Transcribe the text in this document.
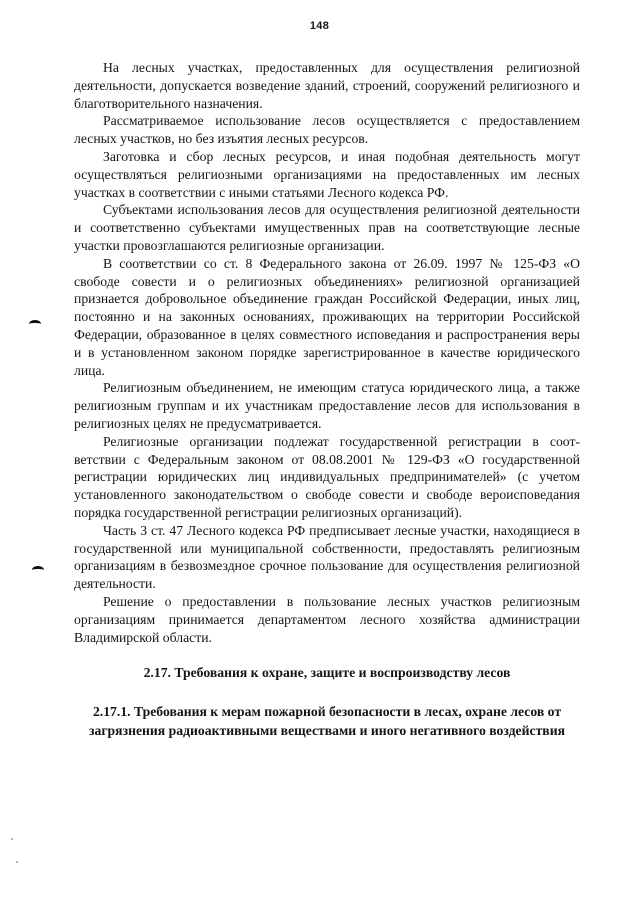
148

На лесных участках, предоставленных для осуществления религиозной деятельности, допускается возведение зданий, строений, сооружений религиозного и благотворительного назначения.

Рассматриваемое использование лесов осуществляется с предоставлением лесных участков, но без изъятия лесных ресурсов.

Заготовка и сбор лесных ресурсов, и иная подобная деятельность могут осуществляться религиозными организациями на предоставленных им лесных участках в соответствии с иными статьями Лесного кодекса РФ.

Субъектами использования лесов для осуществления религиозной деятельности и соответственно субъектами имущественных прав на соответствующие лесные участки провозглашаются религиозные организации.

В соответствии со ст. 8 Федерального закона от 26.09. 1997 № 125-ФЗ «О свободе совести и о религиозных объединениях» религиозной организацией признается добровольное объединение граждан Российской Федерации, иных лиц, постоянно и на законных основаниях, проживающих на территории Российской Федерации, образованное в целях совместного исповедания и распространения веры и в установленном законом порядке зарегистрированное в качестве юридического лица.

Религиозным объединением, не имеющим статуса юридического лица, а также религиозным группам и их участникам предоставление лесов для использования в религиозных целях не предусматривается.

Религиозные организации подлежат государственной регистрации в соответствии с Федеральным законом от 08.08.2001 № 129-ФЗ «О государственной регистрации юридических лиц индивидуальных предпринимателей» (с учетом установленного законодательством о свободе совести и свободе вероисповедания порядка государственной регистрации религиозных организаций).

Часть 3 ст. 47 Лесного кодекса РФ предписывает лесные участки, находящиеся в государственной или муниципальной собственности, предоставлять религиозным организациям в безвозмездное срочное пользование для осуществления религиозной деятельности.

Решение о предоставлении в пользование лесных участков религиозным организациям принимается департаментом лесного хозяйства администрации Владимирской области.

2.17. Требования к охране, защите и воспроизводству лесов
2.17.1. Требования к мерам пожарной безопасности в лесах, охране лесов от загрязнения радиоактивными веществами и иного негативного воздействия
